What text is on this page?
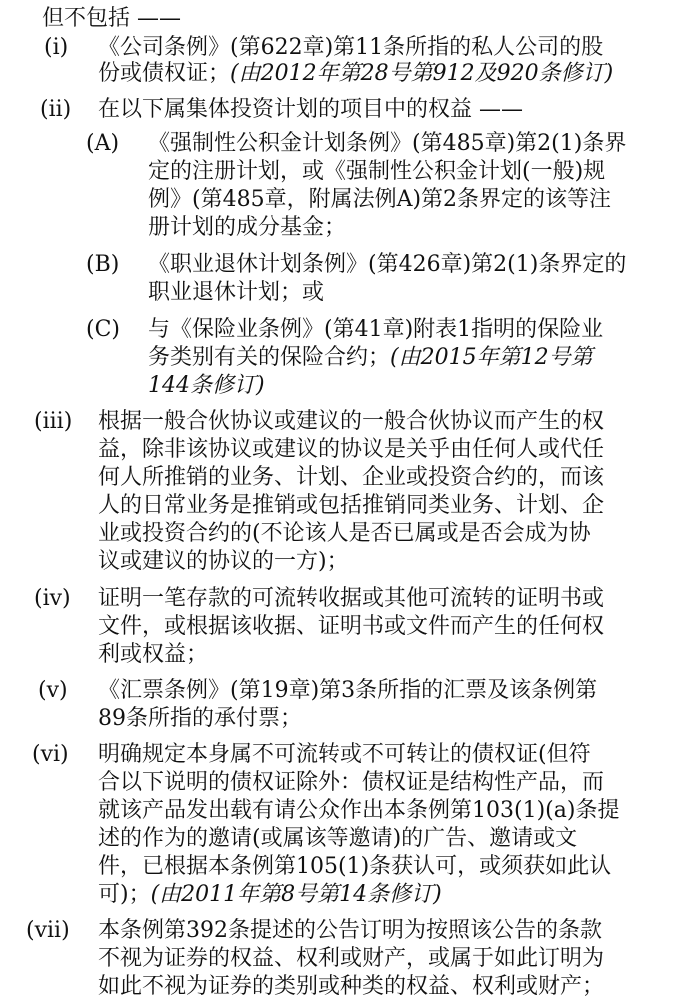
但不包括 ——
(i) 《公司条例》(第622章)第11条所指的私人公司的股
份或债权证；(由2012年第28号第912及920条修订)
(ii) 在以下属集体投资计划的项目中的权益 ——
(A) 《强制性公积金计划条例》(第485章)第2(1)条界
定的注册计划，或《强制性公积金计划(一般)规
例》(第485章，附属法例A)第2条界定的该等注
册计划的成分基金；
(B) 《职业退休计划条例》(第426章)第2(1)条界定的
职业退休计划；或
(C) 与《保险业条例》(第41章)附表1指明的保险业
务类别有关的保险合约；(由2015年第12号第
144条修订)
(iii) 根据一般合伙协议或建议的一般合伙协议而产生的权
益，除非该协议或建议的协议是关乎由任何人或代任
何人所推销的业务、计划、企业或投资合约的，而该
人的日常业务是推销或包括推销同类业务、计划、企
业或投资合约的(不论该人是否已属或是否会成为协
议或建议的协议的一方)；
(iv) 证明一笔存款的可流转收据或其他可流转的证明书或
文件，或根据该收据、证明书或文件而产生的任何权
利或权益；
(v) 《汇票条例》(第19章)第3条所指的汇票及该条例第
89条所指的承付票；
(vi) 明确规定本身属不可流转或不可转让的债权证(但符
合以下说明的债权证除外：债权证是结构性产品，而
就该产品发出载有请公众作出本条例第103(1)(a)条提
述的作为的邀请(或属该等邀请)的广告、邀请或文
件，已根据本条例第105(1)条获认可，或须获如此认
可)；(由2011年第8号第14条修订)
(vii) 本条例第392条提述的公告订明为按照该公告的条款
不视为证券的权益、权利或财产，或属于如此订明为
如此不视为证券的类别或种类的权益、权利或财产；
